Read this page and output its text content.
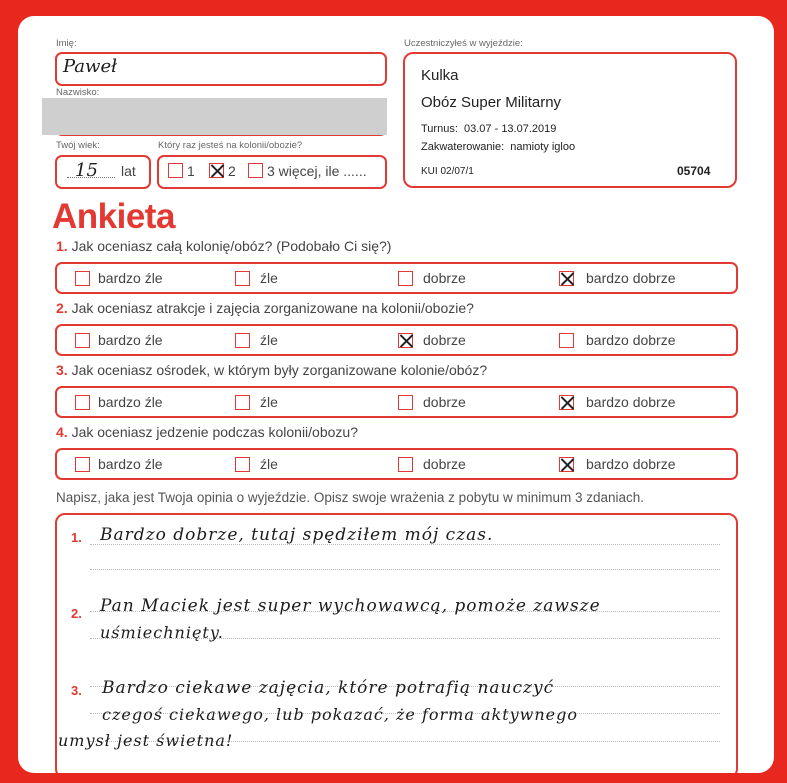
Imię:
Paweł
Nazwisko:
Twój wiek:
15 lat
Który raz jesteś na kolonii/obozie?
1 2 3 więcej, ile ......
Uczestniczyłeś w wyjeździe:
Kulka
Obóz Super Militarny
Turnus: 03.07 - 13.07.2019
Zakwaterowanie: namioty igloo
KUI 02/07/1	05704
Ankieta
1. Jak oceniasz całą kolonię/obóz? (Podobało Ci się?)
bardzo źle	źle	dobrze	bardzo dobrze
2. Jak oceniasz atrakcje i zajęcia zorganizowane na kolonii/obozie?
bardzo źle	źle	dobrze	bardzo dobrze
3. Jak oceniasz ośrodek, w którym były zorganizowane kolonie/obóz?
bardzo źle	źle	dobrze	bardzo dobrze
4. Jak oceniasz jedzenie podczas kolonii/obozu?
bardzo źle	źle	dobrze	bardzo dobrze
Napisz, jaka jest Twoja opinia o wyjeździe. Opisz swoje wrażenia z pobytu w minimum 3 zdaniach.
1. Bardzo dobrze, tutaj spędziłem mój czas.
2. Pan Maciek jest super wychowawcą, pomoże zawsze
uśmiechnięty.
3. Bardzo ciekawe zajęcia, które potrafią nauczyć
czegoś ciekawego, lub pokazać, że forma aktywnego
umysł jest świetna!
